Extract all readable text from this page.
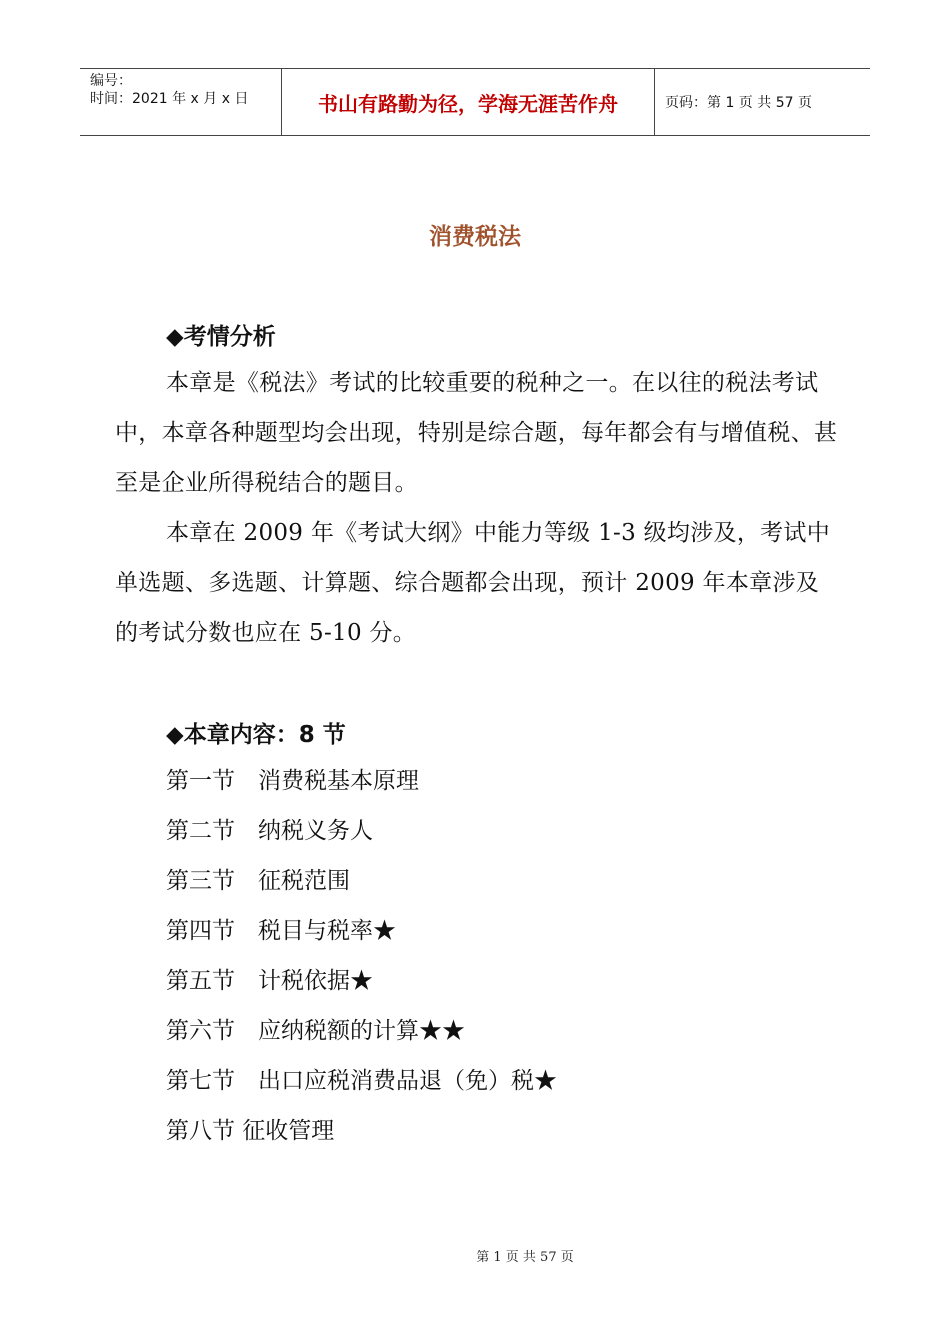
编号：
时间：2021 年 x 月 x 日	书山有路勤为径，学海无涯苦作舟	页码：第 1 页 共 57 页
消费税法
◆考情分析
本章是《税法》考试的比较重要的税种之一。在以往的税法考试中，本章各种题型均会出现，特别是综合题，每年都会有与增值税、甚至是企业所得税结合的题目。
本章在 2009 年《考试大纲》中能力等级 1-3 级均涉及，考试中单选题、多选题、计算题、综合题都会出现，预计 2009 年本章涉及的考试分数也应在 5-10 分。
◆本章内容：8 节
第一节　消费税基本原理
第二节　纳税义务人
第三节　征税范围
第四节　税目与税率★
第五节　计税依据★
第六节　应纳税额的计算★★
第七节　出口应税消费品退（免）税★
第八节 征收管理
第 1 页 共 57 页
